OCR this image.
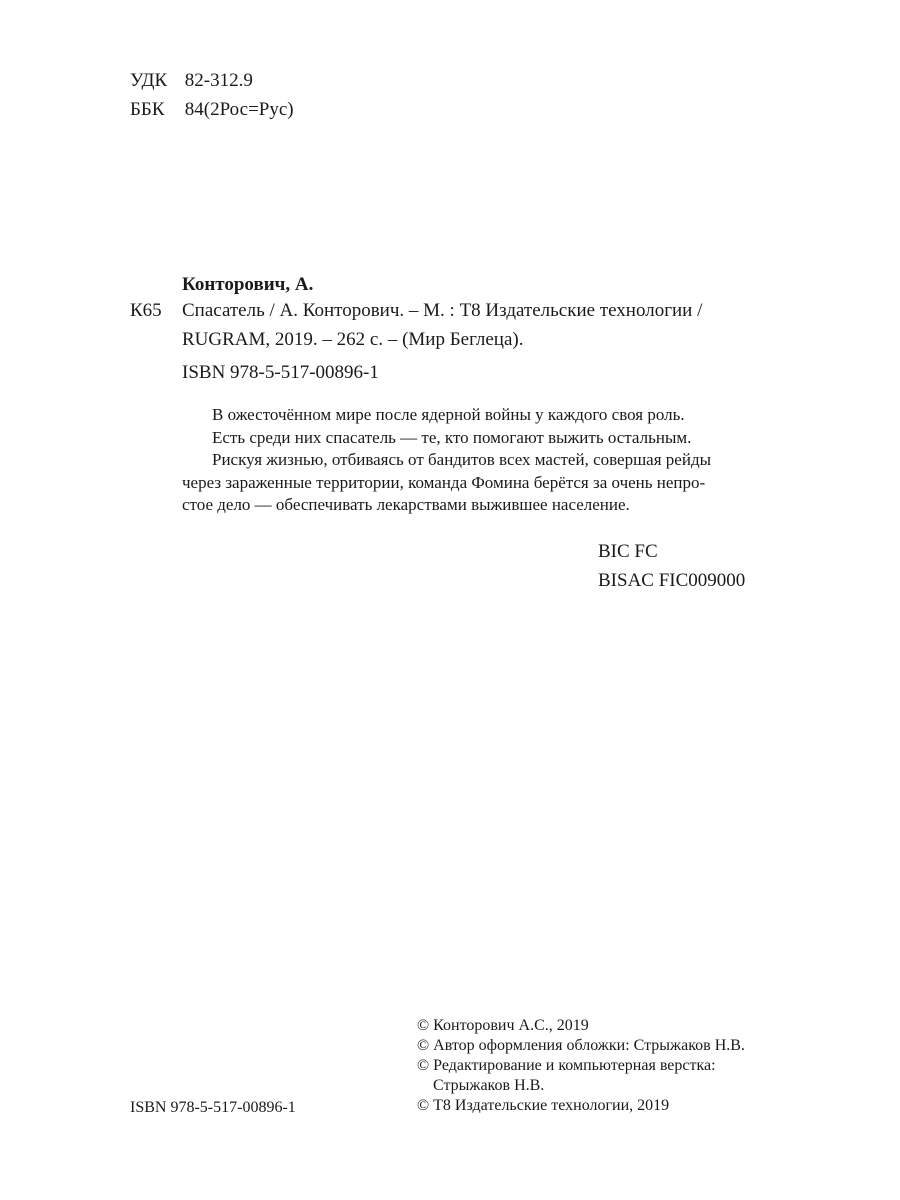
УДК 82-312.9
ББК 84(2Рос=Рус)
Конторович, А.
К65 Спасатель / А. Конторович. – М. : Т8 Издательские технологии /
RUGRAM, 2019. – 262 с. – (Мир Беглеца).
ISBN 978-5-517-00896-1

В ожесточённом мире после ядерной войны у каждого своя роль.

Есть среди них спасатель — те, кто помогают выжить остальным.

Рискуя жизнью, отбиваясь от бандитов всех мастей, совершая рейды

через зараженные территории, команда Фомина берётся за очень непро-
стое дело — обеспечивать лекарствами выжившее население.
BIC FC
BISAC FIC009000
© Конторович А.С., 2019
© Автор оформления обложки: Стрыжаков Н.В.
© Редактирование и компьютерная верстка:
Стрыжаков Н.В.
© Т8 Издательские технологии, 2019
ISBN 978-5-517-00896-1
